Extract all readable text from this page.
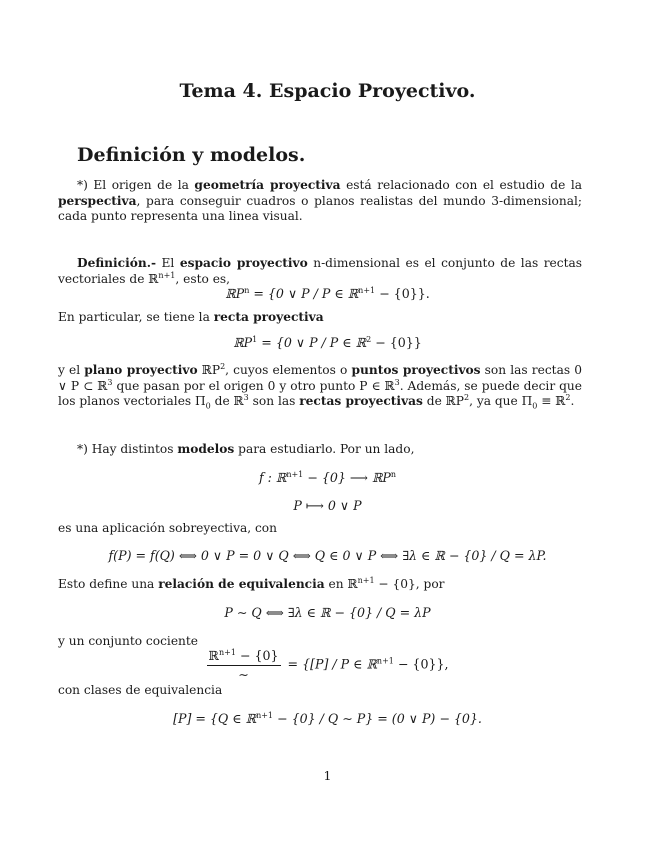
Tema 4. Espacio Proyectivo.
Definición y modelos.
*) El origen de la geometría proyectiva está relacionado con el estudio de la perspectiva, para conseguir cuadros o planos realistas del mundo 3-dimensional; cada punto representa una linea visual.
Definición.- El espacio proyectivo n-dimensional es el conjunto de las rectas vectoriales de ℝ$^{n+1}$, esto es,
ℝP$^n$ = {0 ∨ P / P ∈ ℝ$^{n+1}$ − {0}}.
En particular, se tiene la recta proyectiva
ℝP$^1$ = {0 ∨ P / P ∈ ℝ$^2$ − {0}}
y el plano proyectivo ℝP$^2$, cuyos elementos o puntos proyectivos son las rectas 0 ∨ P ⊂ ℝ$^3$ que pasan por el origen 0 y otro punto P ∈ ℝ$^3$. Además, se puede decir que los planos vectoriales $\Pi_0$ de ℝ$^3$ son las rectas proyectivas de ℝP$^2$, ya que $\Pi_0$ ≡ ℝ$^2$.
*) Hay distintos modelos para estudiarlo. Por un lado,
f : ℝ$^{n+1}$ − {0} ⟶ ℝP$^n$
P ⟼ 0 ∨ P
es una aplicación sobreyectiva, con
f(P) = f(Q) ⟺ 0 ∨ P = 0 ∨ Q ⟺ Q ∈ 0 ∨ P ⟺ ∃λ ∈ ℝ − {0} / Q = λP.
Esto define una relación de equivalencia en ℝ$^{n+1}$ − {0}, por
P ∼ Q ⟺ ∃λ ∈ ℝ − {0} / Q = λP
y un conjunto cociente
$\frac{ℝ^{n+1} - \{0\}}{\sim} = \{[P] / P$ ∈ ℝ$^{n+1}$ − {0}},
con clases de equivalencia
[P] = {Q ∈ ℝ$^{n+1}$ − {0} / Q ∼ P} = (0 ∨ P) − {0}.
1
